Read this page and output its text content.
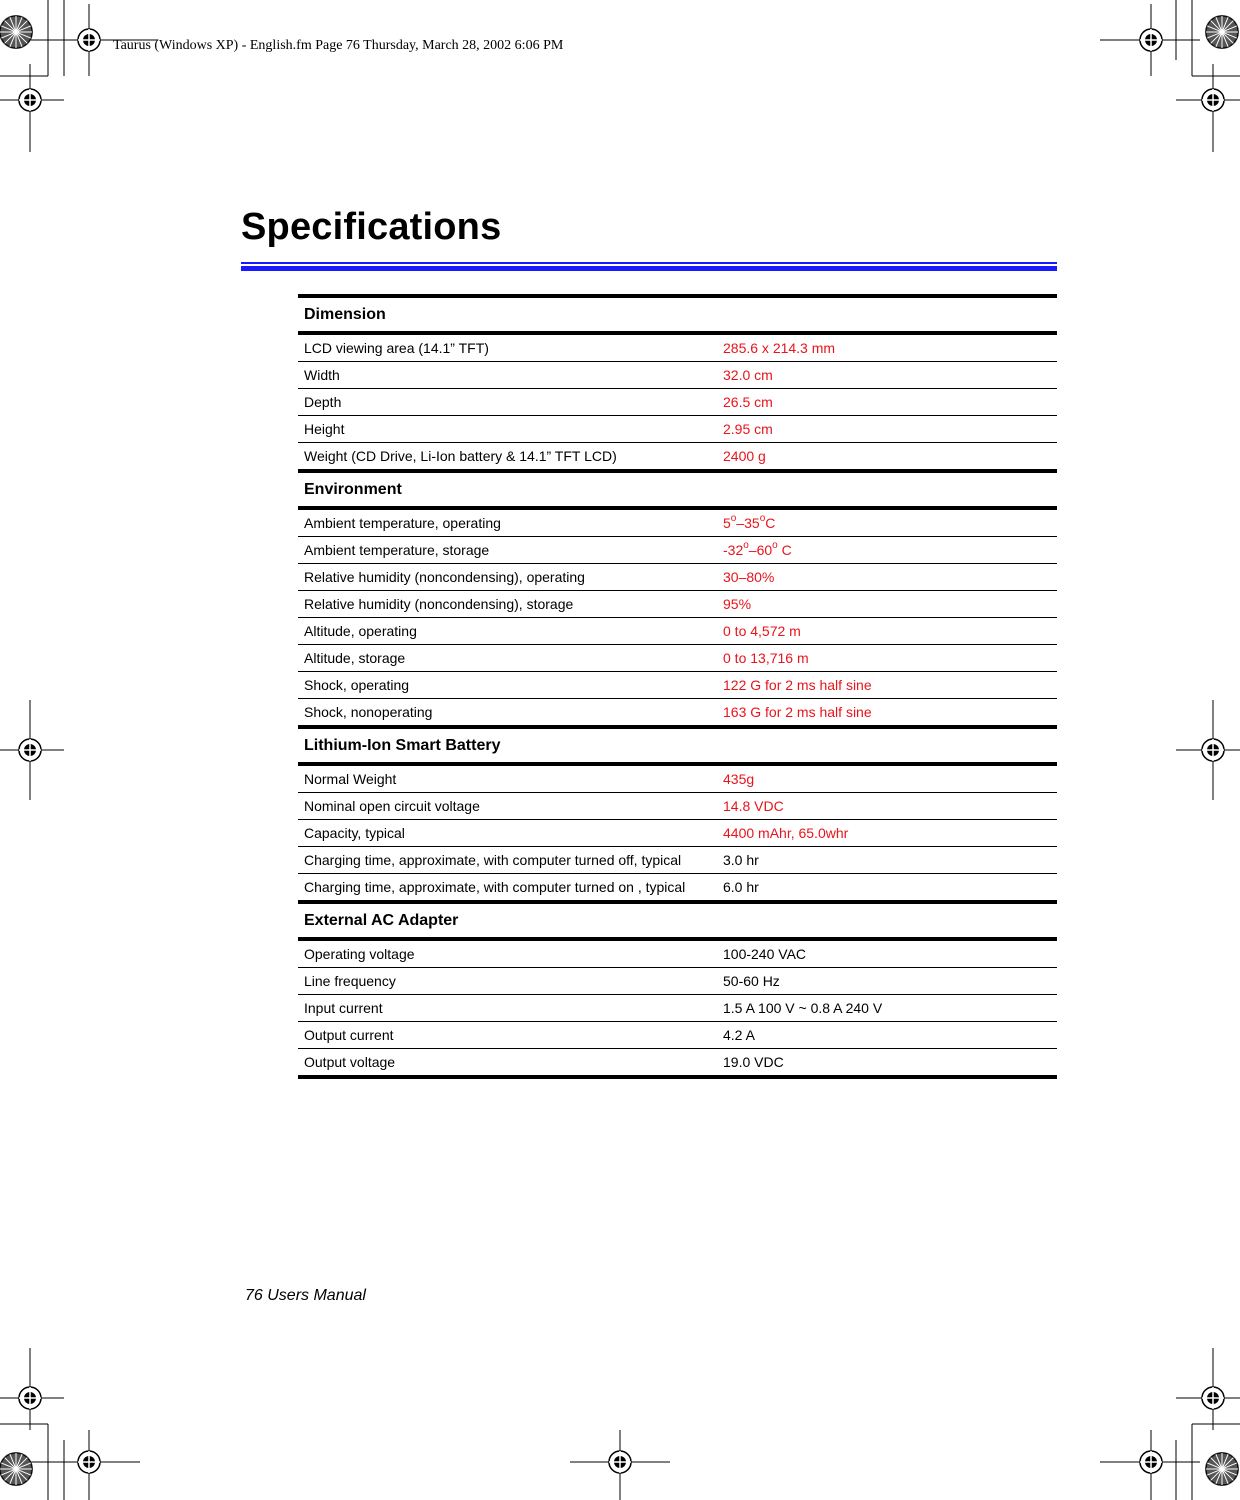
Taurus (Windows XP) - English.fm Page 76 Thursday, March 28, 2002 6:06 PM
Specifications
Dimension	
LCD viewing area (14.1” TFT)	285.6 x 214.3 mm
Width	32.0 cm
Depth	26.5 cm
Height	2.95 cm
Weight (CD Drive, Li-Ion battery & 14.1” TFT LCD)	2400 g
Environment	
Ambient temperature, operating	5$^o$–35$^o$C
Ambient temperature, storage	-32$^o$–60$^o$ C
Relative humidity (noncondensing), operating	30–80%
Relative humidity (noncondensing), storage	95%
Altitude, operating	0 to 4,572 m
Altitude, storage	0 to 13,716 m
Shock, operating	122 G for 2 ms half sine
Shock, nonoperating	163 G for 2 ms half sine
Lithium-Ion Smart Battery	
Normal Weight	435g
Nominal open circuit voltage	14.8 VDC
Capacity, typical	4400 mAhr, 65.0whr
Charging time, approximate, with computer turned off, typical	3.0 hr
Charging time, approximate, with computer turned on , typical	6.0 hr
External AC Adapter	
Operating voltage	100-240 VAC
Line frequency	50-60 Hz
Input current	1.5 A 100 V ~ 0.8 A 240 V
Output current	4.2 A
Output voltage	19.0 VDC
76 Users Manual
